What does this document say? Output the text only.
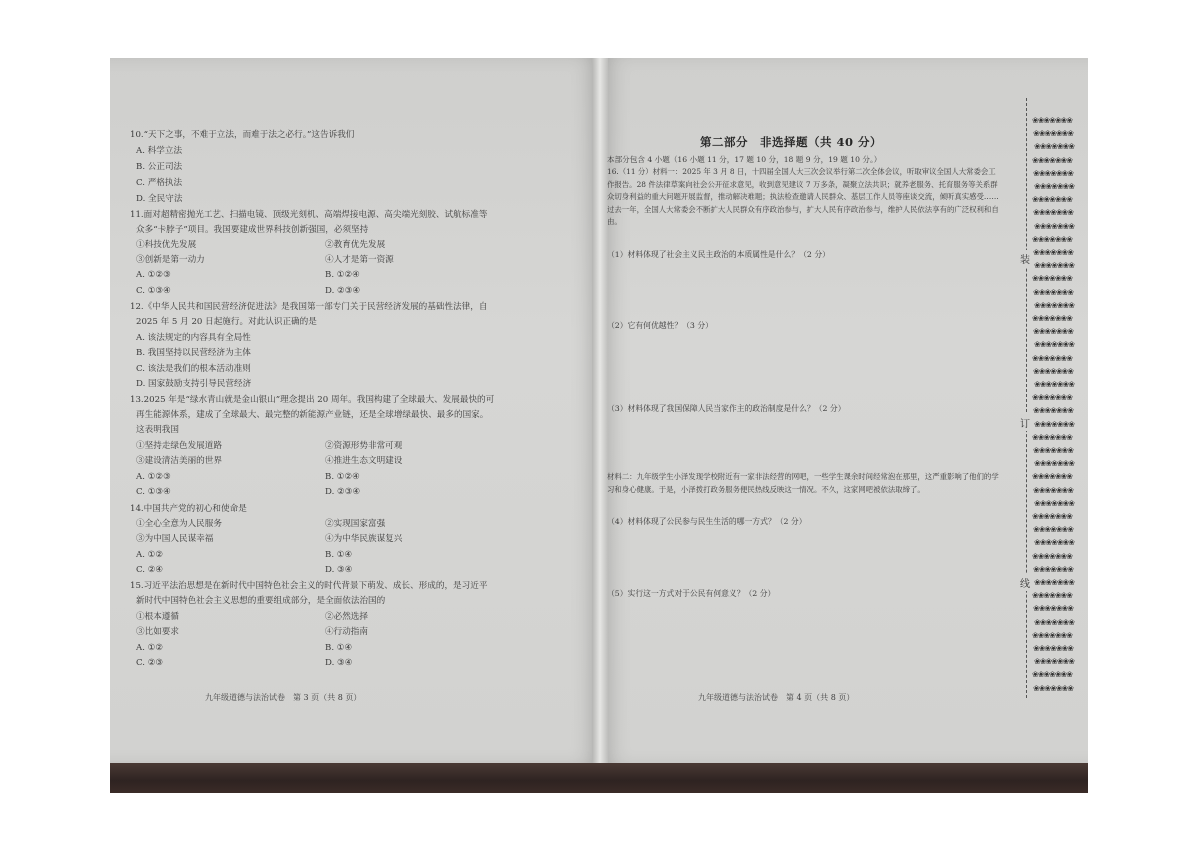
10.“天下之事，不难于立法，而难于法之必行。”这告诉我们
A. 科学立法
B. 公正司法
C. 严格执法
D. 全民守法
11.面对超精密抛光工艺、扫描电镜、顶级光刻机、高端焊接电源、高尖端光刻胶、试航标准等
众多“卡脖子”项目。我国要建成世界科技创新强国，必须坚持
①科技优先发展	②教育优先发展
③创新是第一动力	④人才是第一资源
A. ①②③	B. ①②④
C. ①③④	D. ②③④
12.《中华人民共和国民营经济促进法》是我国第一部专门关于民营经济发展的基础性法律，自
2025 年 5 月 20 日起施行。对此认识正确的是
A. 该法规定的内容具有全局性
B. 我国坚持以民营经济为主体
C. 该法是我们的根本活动准则
D. 国家鼓励支持引导民营经济
13.2025 年是“绿水青山就是金山银山”理念提出 20 周年。我国构建了全球最大、发展最快的可
再生能源体系，建成了全球最大、最完整的新能源产业链，还是全球增绿最快、最多的国家。
这表明我国
①坚持走绿色发展道路	②资源形势非常可观
③建设清洁美丽的世界	④推进生态文明建设
A. ①②③	B. ①②④
C. ①③④	D. ②③④
14.中国共产党的初心和使命是
①全心全意为人民服务	②实现国家富强
③为中国人民谋幸福	④为中华民族谋复兴
A. ①②	B. ①④
C. ②④	D. ③④
15.习近平法治思想是在新时代中国特色社会主义的时代背景下萌发、成长、形成的，是习近平
新时代中国特色社会主义思想的重要组成部分，是全面依法治国的
①根本遵循	②必然选择
③比如要求	④行动指南
A. ①②	B. ①④
C. ②③	D. ③④
九年级道德与法治试卷　第 3 页（共 8 页）
第二部分　非选择题（共 40 分）
本部分包含 4 小题（16 小题 11 分，17 题 10 分，18 题 9 分，19 题 10 分。）
16.（11 分）材料一：2025 年 3 月 8 日，十四届全国人大三次会议举行第二次全体会议，听取审议全国人大常委会工作报告。28 件法律草案向社会公开征求意见，收到意见建议 7 万多条，凝聚立法共识；就养老服务、托育服务等关系群众切身利益的重大问题开展监督，推动解决难题；执法检查邀请人民群众、基层工作人员等座谈交流，倾听真实感受……过去一年，全国人大常委会不断扩大人民群众有序政治参与，扩大人民有序政治参与，维护人民依法享有的广泛权利和自由。
（1）材料体现了社会主义民主政治的本质属性是什么？（2 分）
（2）它有何优越性？（3 分）
（3）材料体现了我国保障人民当家作主的政治制度是什么？（2 分）
材料二：九年级学生小泽发现学校附近有一家非法经营的网吧，一些学生课余时间经常泡在那里，这严重影响了他们的学习和身心健康。于是，小泽拨打政务服务便民热线反映这一情况。不久，这家网吧被依法取缔了。
（4）材料体现了公民参与民生生活的哪一方式？（2 分）
（5）实行这一方式对于公民有何意义？（2 分）
九年级道德与法治试卷　第 4 页（共 8 页）
❀❀❀❀❀❀❀
❀❀❀❀❀❀❀
❀❀❀❀❀❀❀
❀❀❀❀❀❀❀
❀❀❀❀❀❀❀
❀❀❀❀❀❀❀
❀❀❀❀❀❀❀
❀❀❀❀❀❀❀
❀❀❀❀❀❀❀
❀❀❀❀❀❀❀
❀❀❀❀❀❀❀
❀❀❀❀❀❀❀
❀❀❀❀❀❀❀
❀❀❀❀❀❀❀
❀❀❀❀❀❀❀
❀❀❀❀❀❀❀
❀❀❀❀❀❀❀
❀❀❀❀❀❀❀
❀❀❀❀❀❀❀
❀❀❀❀❀❀❀
❀❀❀❀❀❀❀
❀❀❀❀❀❀❀
❀❀❀❀❀❀❀
❀❀❀❀❀❀❀
❀❀❀❀❀❀❀
❀❀❀❀❀❀❀
❀❀❀❀❀❀❀
❀❀❀❀❀❀❀
❀❀❀❀❀❀❀
❀❀❀❀❀❀❀
❀❀❀❀❀❀❀
❀❀❀❀❀❀❀
❀❀❀❀❀❀❀
❀❀❀❀❀❀❀
❀❀❀❀❀❀❀
❀❀❀❀❀❀❀
❀❀❀❀❀❀❀
❀❀❀❀❀❀❀
❀❀❀❀❀❀❀
❀❀❀❀❀❀❀
❀❀❀❀❀❀❀
❀❀❀❀❀❀❀
❀❀❀❀❀❀❀
❀❀❀❀❀❀❀
装
订
线
